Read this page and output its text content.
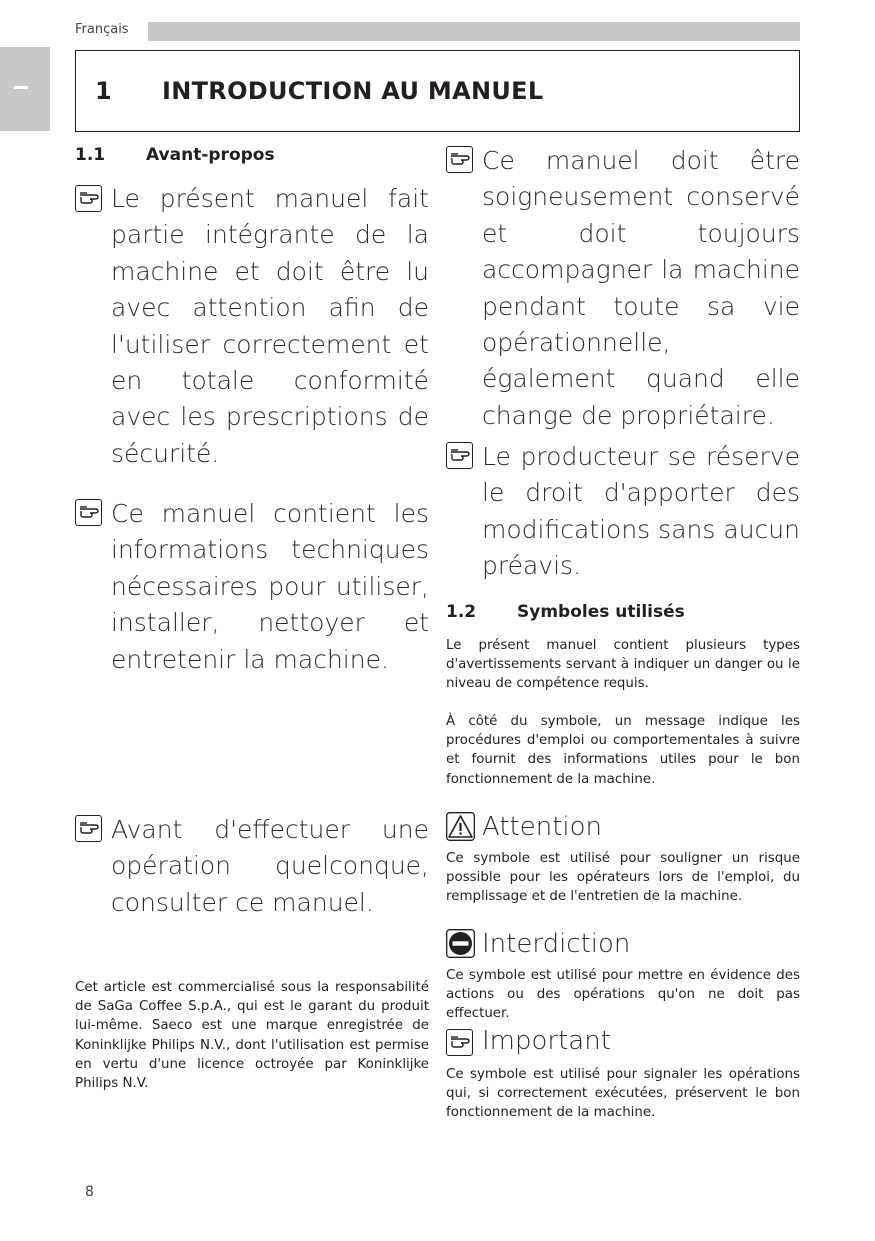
Français
1 INTRODUCTION AU MANUEL
1.1 Avant-propos
Le présent manuel fait partie intégrante de la machine et doit être lu avec attention afin de l'utiliser correctement et en totale conformité avec les prescriptions de sécurité.
Ce manuel contient les informations techniques nécessaires pour utiliser, installer, nettoyer et entretenir la machine.
Avant d'effectuer une opération quelconque, consulter ce manuel.
Cet article est commercialisé sous la responsabilité de SaGa Coffee S.p.A., qui est le garant du produit lui-même. Saeco est une marque enregistrée de Koninklijke Philips N.V., dont l'utilisation est permise en vertu d'une licence octroyée par Koninklijke Philips N.V.
Ce manuel doit être soigneusement conservé et doit toujours accompagner la machine pendant toute sa vie opérationnelle, également quand elle change de propriétaire.
Le producteur se réserve le droit d'apporter des modifications sans aucun préavis.
1.2 Symboles utilisés
Le présent manuel contient plusieurs types d'avertissements servant à indiquer un danger ou le niveau de compétence requis.
À côté du symbole, un message indique les procédures d'emploi ou comportementales à suivre et fournit des informations utiles pour le bon fonctionnement de la machine.
Attention
Ce symbole est utilisé pour souligner un risque possible pour les opérateurs lors de l'emploi, du remplissage et de l'entretien de la machine.
Interdiction
Ce symbole est utilisé pour mettre en évidence des actions ou des opérations qu'on ne doit pas effectuer.
Important
Ce symbole est utilisé pour signaler les opérations qui, si correctement exécutées, préservent le bon fonctionnement de la machine.
8
